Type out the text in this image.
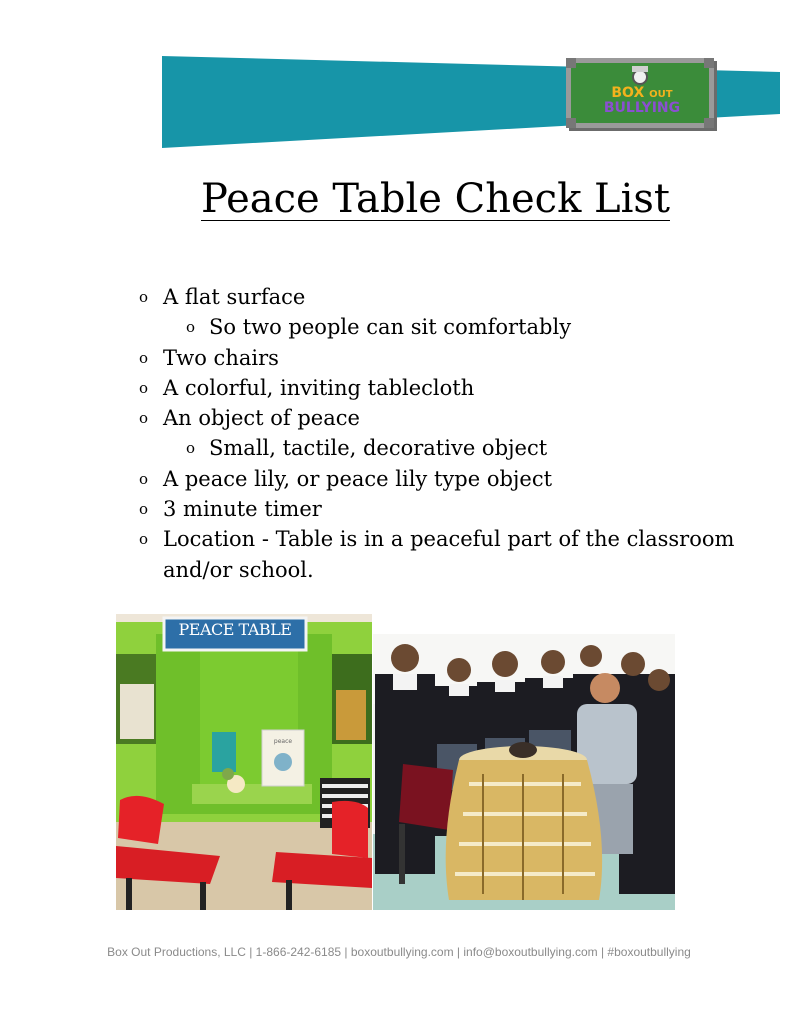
BOX OUT
BULLYING
Peace Table Check List
o A flat surface
o So two people can sit comfortably
o Two chairs
o A colorful, inviting tablecloth
o An object of peace
o Small, tactile, decorative object
o A peace lily, or peace lily type object
o 3 minute timer
o Location - Table is in a peaceful part of the classroom and/or school.
PEACE TABLE
peace
Box Out Productions, LLC | 1-866-242-6185 | boxoutbullying.com | info@boxoutbullying.com | #boxoutbullying
